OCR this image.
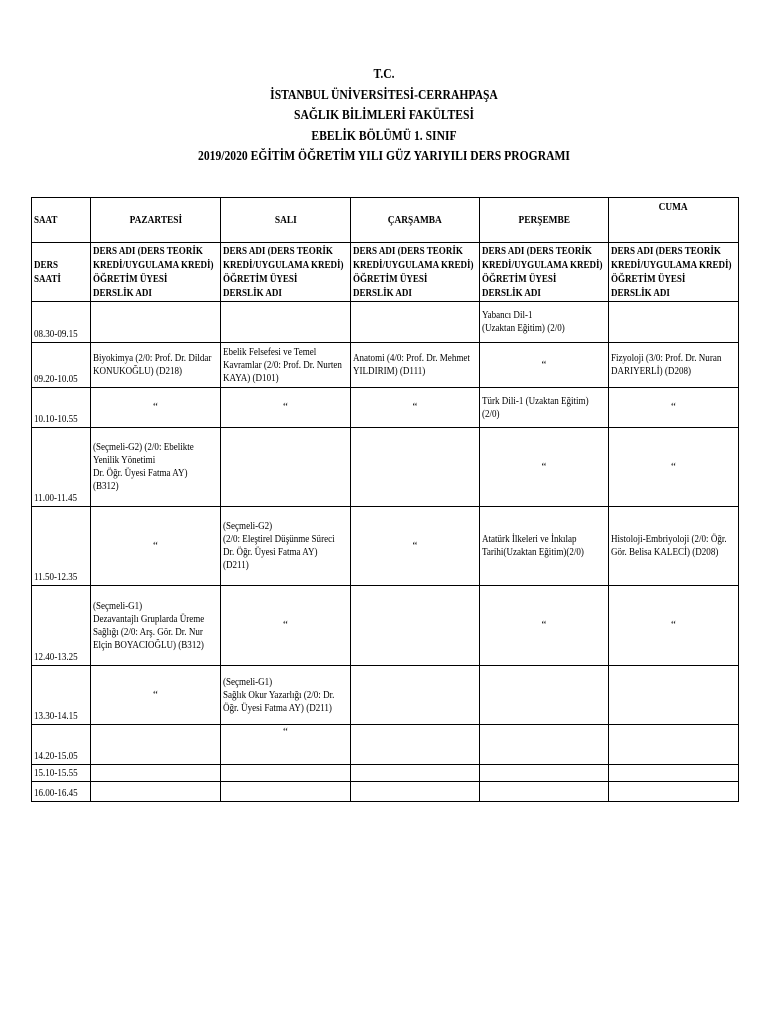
T.C.
İSTANBUL ÜNİVERSİTESİ-CERRAHPAŞA
SAĞLIK BİLİMLERİ FAKÜLTESİ
EBELİK BÖLÜMÜ 1. SINIF
2019/2020 EĞİTİM ÖĞRETİM YILI GÜZ YARIYILI DERS PROGRAMI
SAAT	PAZARTESİ	SALI	ÇARŞAMBA	PERŞEMBE	CUMA

DERS
SAATİ	DERS ADI (DERS TEORİK
KREDİ/UYGULAMA KREDİ)
ÖĞRETİM ÜYESİ
DERSLİK ADI	DERS ADI (DERS TEORİK
KREDİ/UYGULAMA KREDİ)
ÖĞRETİM ÜYESİ
DERSLİK ADI	DERS ADI (DERS TEORİK
KREDİ/UYGULAMA KREDİ)
ÖĞRETİM ÜYESİ
DERSLİK ADI	DERS ADI (DERS TEORİK
KREDİ/UYGULAMA KREDİ)
ÖĞRETİM ÜYESİ
DERSLİK ADI	DERS ADI (DERS TEORİK
KREDİ/UYGULAMA KREDİ)
ÖĞRETİM ÜYESİ
DERSLİK ADI

08.30-09.15				Yabancı Dil-1
(Uzaktan Eğitim) (2/0)	

09.20-10.05	Biyokimya (2/0: Prof. Dr. Dildar
KONUKOĞLU) (D218)	Ebelik Felsefesi ve Temel
Kavramlar (2/0: Prof. Dr. Nurten
KAYA) (D101)	Anatomi (4/0: Prof. Dr. Mehmet
YILDIRIM) (D111)	“	Fizyoloji (3/0: Prof. Dr. Nuran
DARIYERLİ) (D208)

10.10-10.55	“	“	“	Türk Dili-1 (Uzaktan Eğitim)
(2/0)	“

11.00-11.45	(Seçmeli-G2) (2/0: Ebelikte
Yenilik Yönetimi
Dr. Öğr. Üyesi Fatma AY)
(B312)			“	“

11.50-12.35	“	(Seçmeli-G2)
(2/0: Eleştirel Düşünme Süreci
Dr. Öğr. Üyesi Fatma AY)
(D211)	“	Atatürk İlkeleri ve İnkılap
Tarihi(Uzaktan Eğitim)(2/0)	Histoloji-Embriyoloji (2/0: Öğr.
Gör. Belisa KALECİ) (D208)

12.40-13.25	(Seçmeli-G1)
Dezavantajlı Gruplarda Üreme
Sağlığı (2/0: Arş. Gör. Dr. Nur
Elçin BOYACIOĞLU) (B312)	“		“	“

13.30-14.15	“	(Seçmeli-G1)
Sağlık Okur Yazarlığı (2/0: Dr.
Öğr. Üyesi Fatma AY) (D211)			

14.20-15.05		“			

15.10-15.55					

16.00-16.45					
